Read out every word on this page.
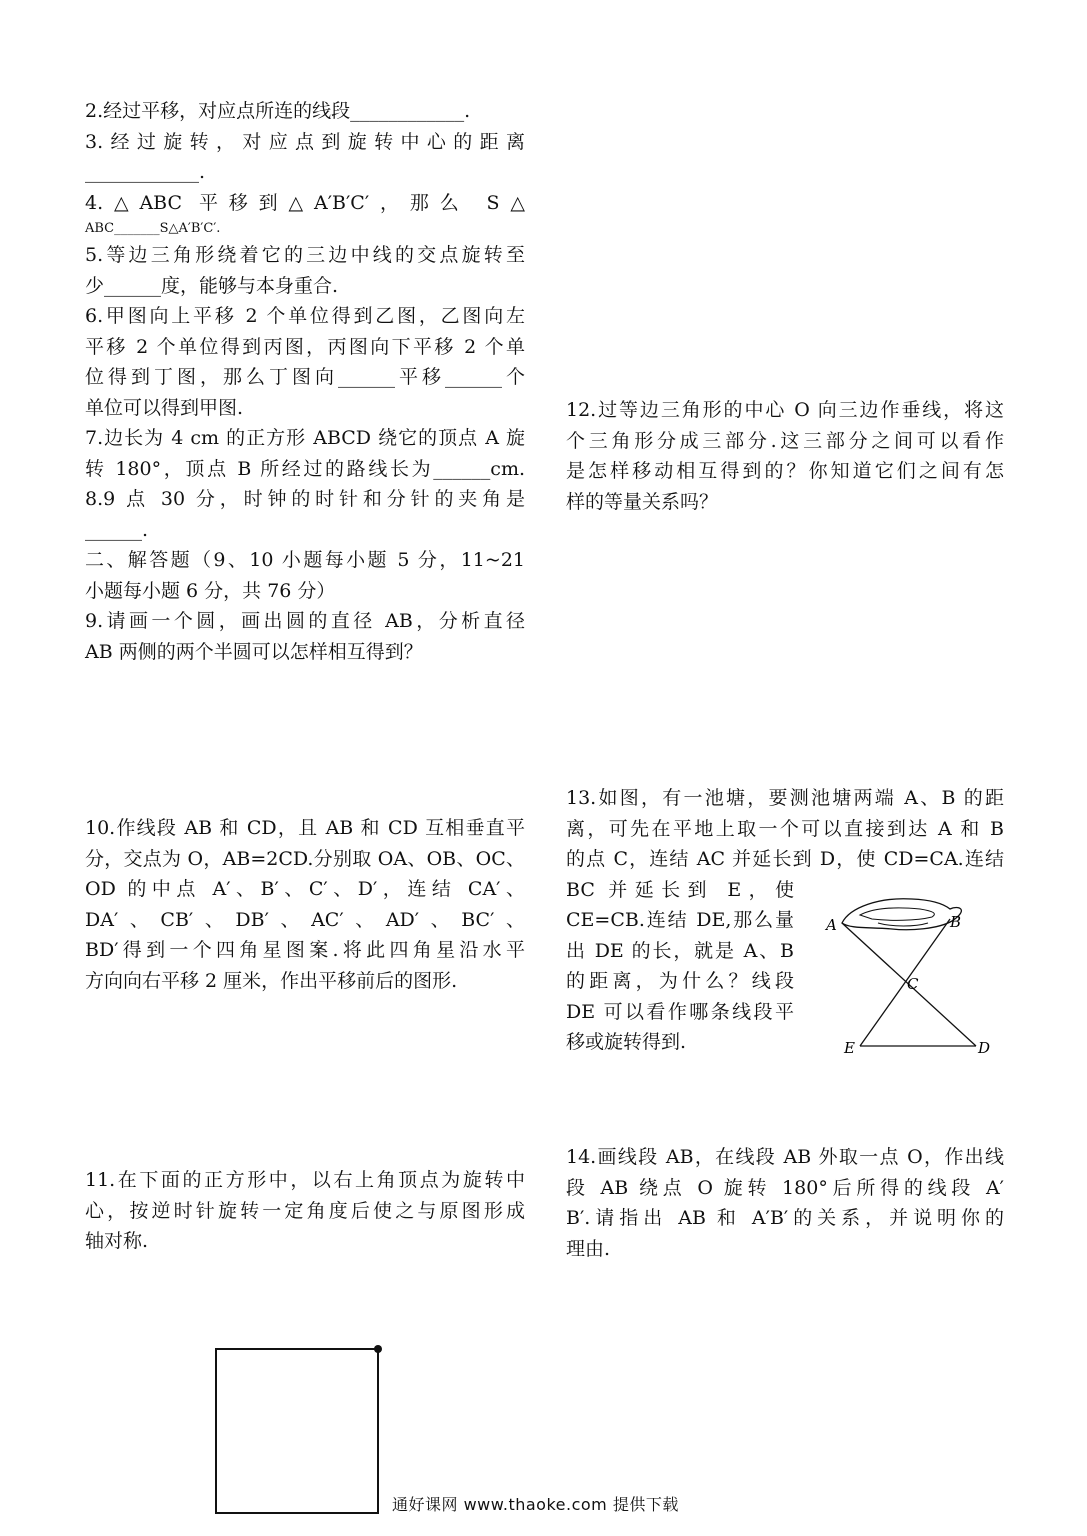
2.经过平移，对应点所连的线段____________.
3.经过旋转，对应点到旋转中心的距离
____________.
4.△ABC 平移到△A′B′C′，那么 S△
ABC_______S△A′B′C′.
5.等边三角形绕着它的三边中线的交点旋转至
少______度，能够与本身重合.
6.甲图向上平移 2 个单位得到乙图，乙图向左
平移 2 个单位得到丙图，丙图向下平移 2 个单
位得到丁图，那么丁图向______平移______个
单位可以得到甲图.
7.边长为 4 cm 的正方形 ABCD 绕它的顶点 A 旋
转 180°，顶点 B 所经过的路线长为______cm.
8.9 点 30 分，时钟的时针和分针的夹角是
______.
二、解答题（9、10 小题每小题 5 分，11~21
小题每小题 6 分，共 76 分）
9.请画一个圆，画出圆的直径 AB，分析直径
AB 两侧的两个半圆可以怎样相互得到？
10.作线段 AB 和 CD，且 AB 和 CD 互相垂直平
分，交点为 O，AB=2CD.分别取 OA、OB、OC、
OD 的中点 A′、B′、C′、D′，连结 CA′、
DA′、CB′、DB′、AC′、AD′、BC′、
BD′得到一个四角星图案.将此四角星沿水平
方向向右平移 2 厘米，作出平移前后的图形.
11.在下面的正方形中，以右上角顶点为旋转中
心，按逆时针旋转一定角度后使之与原图形成
轴对称.
12.过等边三角形的中心 O 向三边作垂线，将这
个三角形分成三部分.这三部分之间可以看作
是怎样移动相互得到的？你知道它们之间有怎
样的等量关系吗？
13.如图，有一池塘，要测池塘两端 A、B 的距
离，可先在平地上取一个可以直接到达 A 和 B
的点 C，连结 AC 并延长到 D，使 CD=CA.连结
BC 并延长到 E，使
CE=CB.连结 DE,那么量
出 DE 的长，就是 A、B
的距离，为什么？线段
DE 可以看作哪条线段平
移或旋转得到.
A	B
C
D
E
14.画线段 AB，在线段 AB 外取一点 O，作出线
段 AB 绕点 O 旋转 180°后所得的线段 A′
B′.请指出 AB 和 A′B′的关系，并说明你的
理由.
通好课网 www.thaoke.com 提供下载
